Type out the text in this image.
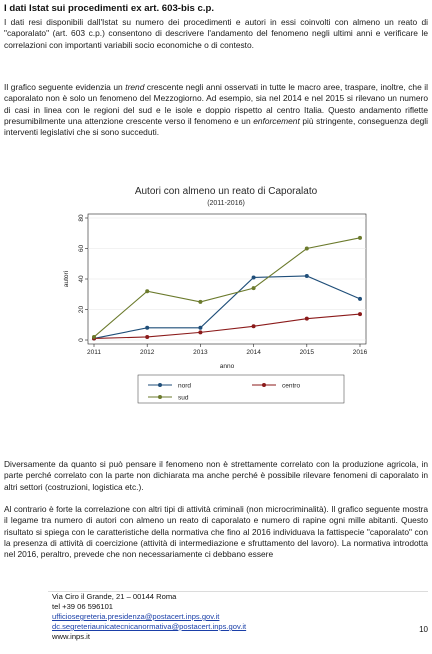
I dati Istat sui procedimenti ex art. 603-bis c.p.
I dati resi disponibili dall'Istat su numero dei procedimenti e autori in essi coinvolti con almeno un reato di "caporalato" (art. 603 c.p.) consentono di descrivere l'andamento del fenomeno negli ultimi anni e verificare le correlazioni con importanti variabili socio economiche o di contesto.
Il grafico seguente evidenzia un trend crescente negli anni osservati in tutte le macro aree, traspare, inoltre, che il caporalato non è solo un fenomeno del Mezzogiorno. Ad esempio, sia nel 2014 e nel 2015 si rilevano un numero di casi in linea con le regioni del sud e le isole e doppio rispetto al centro Italia. Questo andamento riflette presumibilmente una attenzione crescente verso il fenomeno e un enforcement più stringente, conseguenza degli interventi legislativi che si sono succeduti.
Autori con almeno un reato di Caporalato
(2011-2016)
0
20
40
60
80
2011	2012	2013	2014	2015	2016
autori
anno
nord	centro
sud
Diversamente da quanto si può pensare il fenomeno non è strettamente correlato con la produzione agricola, in parte perché correlato con la parte non dichiarata ma anche perché è possibile rilevare fenomeni di caporalato in altri settori (costruzioni, logistica etc.).
Al contrario è forte la correlazione con altri tipi di attività criminali (non microcriminalità). Il grafico seguente mostra il legame tra numero di autori con almeno un reato di caporalato e numero di rapine ogni mille abitanti. Questo risultato si spiega con le caratteristiche della normativa che fino al 2016 individuava la fattispecie "caporalato" con la presenza di attività di coercizione (attività di intermediazione e sfruttamento del lavoro). La normativa introdotta nel 2016, peraltro, prevede che non necessariamente ci debbano essere
Via Ciro il Grande, 21 – 00144 Roma
tel +39 06 596101
ufficiosegreteria.presidenza@postacert.inps.gov.it
dc.segreteriaunicatecnicanormativa@postacert.inps.gov.it
www.inps.it
10
